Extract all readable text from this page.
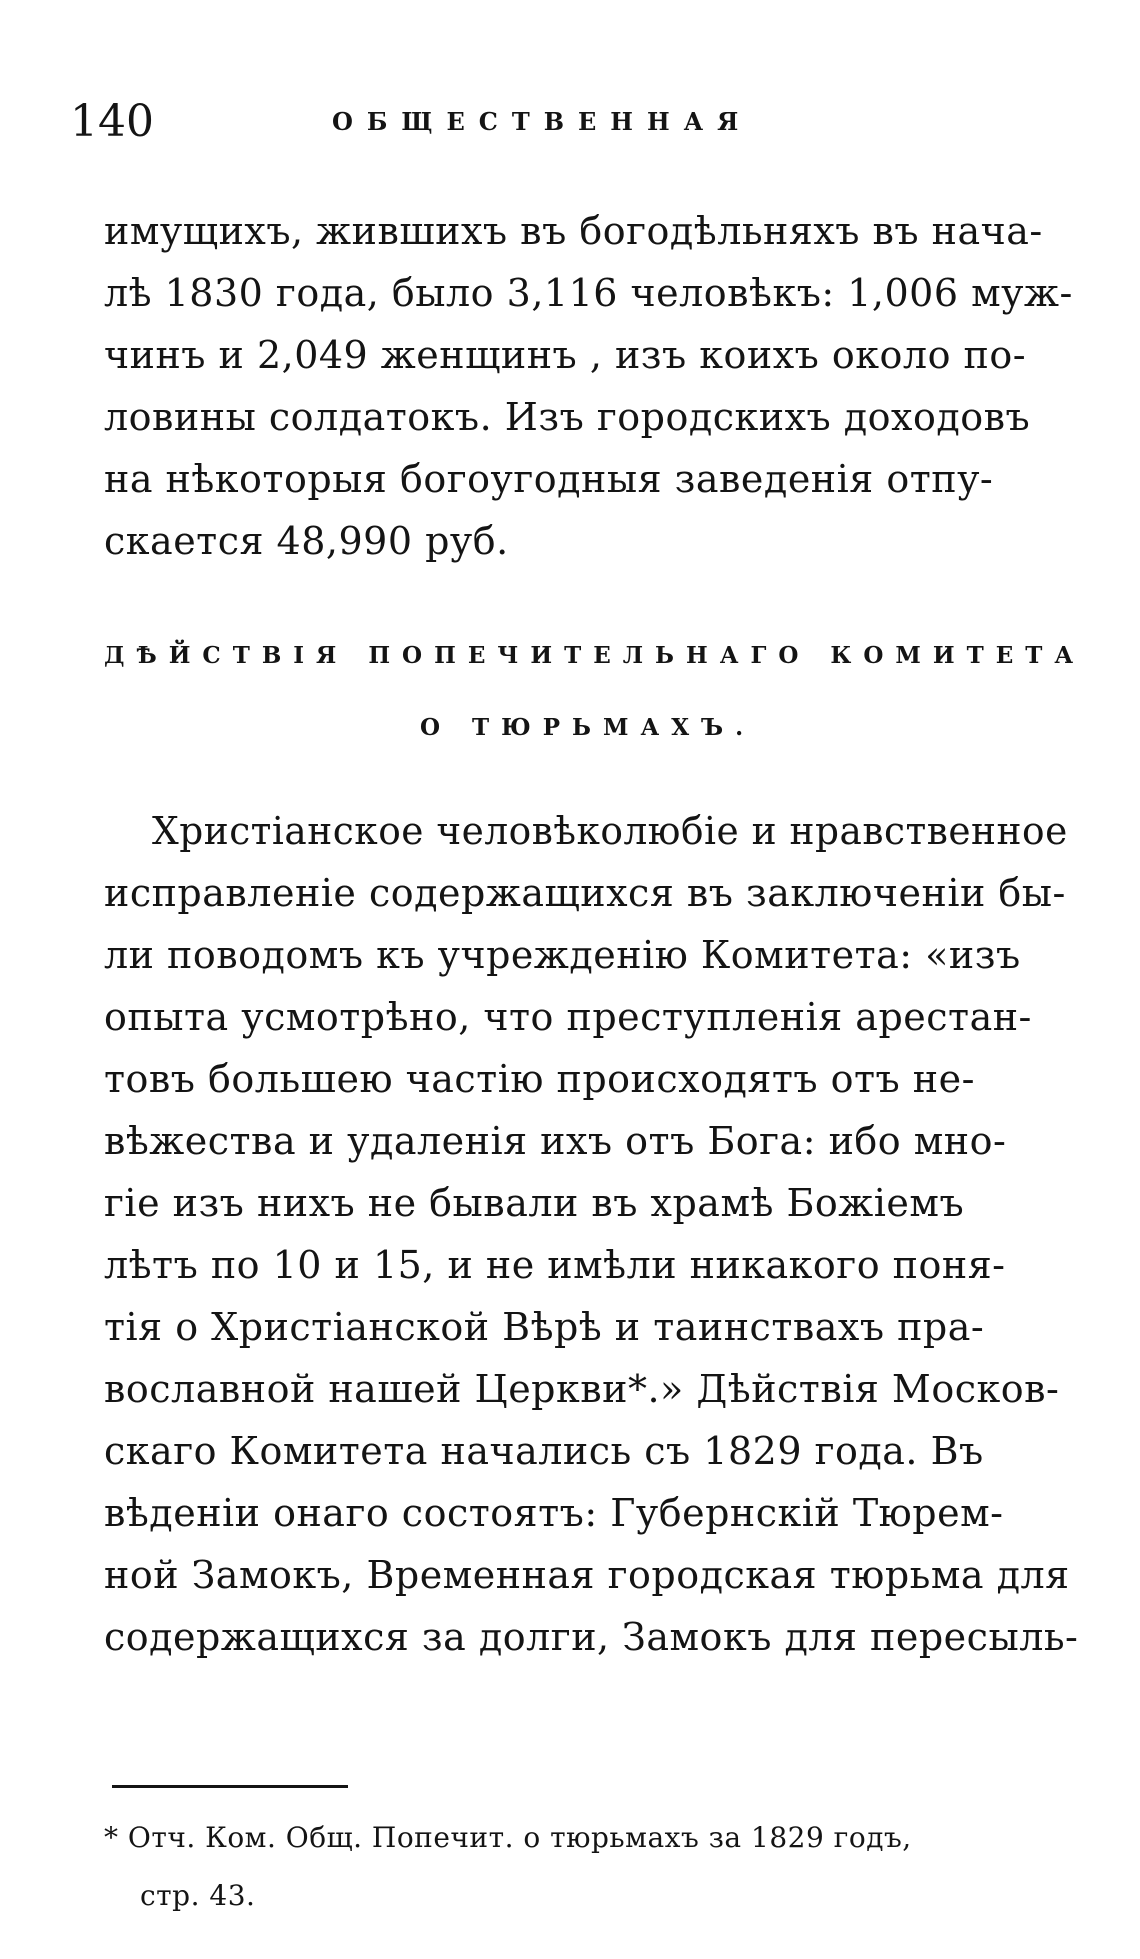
140	ОБЩЕСТВЕННАЯ
имущихъ, жившихъ въ богодѣльняхъ въ нача-
лѣ 1830 года, было 3,116 человѣкъ: 1,006 муж-
чинъ и 2,049 женщинъ , изъ коихъ около по-
ловины солдатокъ. Изъ городскихъ доходовъ
на нѣкоторыя богоугодныя заведенія отпу-
скается 48,990 руб.
ДѢЙСТВІЯ ПОПЕЧИТЕЛЬНАГО КОМИТЕТА
О ТЮРЬМАХЪ.
Христіанское человѣколюбіе и нравственное
исправленіе содержащихся въ заключеніи бы-
ли поводомъ къ учрежденію Комитета: «изъ
опыта усмотрѣно, что преступленія арестан-
товъ большею частію происходятъ отъ не-
вѣжества и удаленія ихъ отъ Бога: ибо мно-
гіе изъ нихъ не бывали въ храмѣ Божіемъ
лѣтъ по 10 и 15, и не имѣли никакого поня-
тія о Христіанской Вѣрѣ и таинствахъ пра-
вославной нашей Церкви*.» Дѣйствія Москов-
скаго Комитета начались съ 1829 года. Въ
вѣденіи онаго состоятъ: Губернскій Тюрем-
ной Замокъ, Временная городская тюрьма для
содержащихся за долги, Замокъ для пересыль-
* Отч. Ком. Общ. Попечит. о тюрьмахъ за 1829 годъ,
стр. 43.
